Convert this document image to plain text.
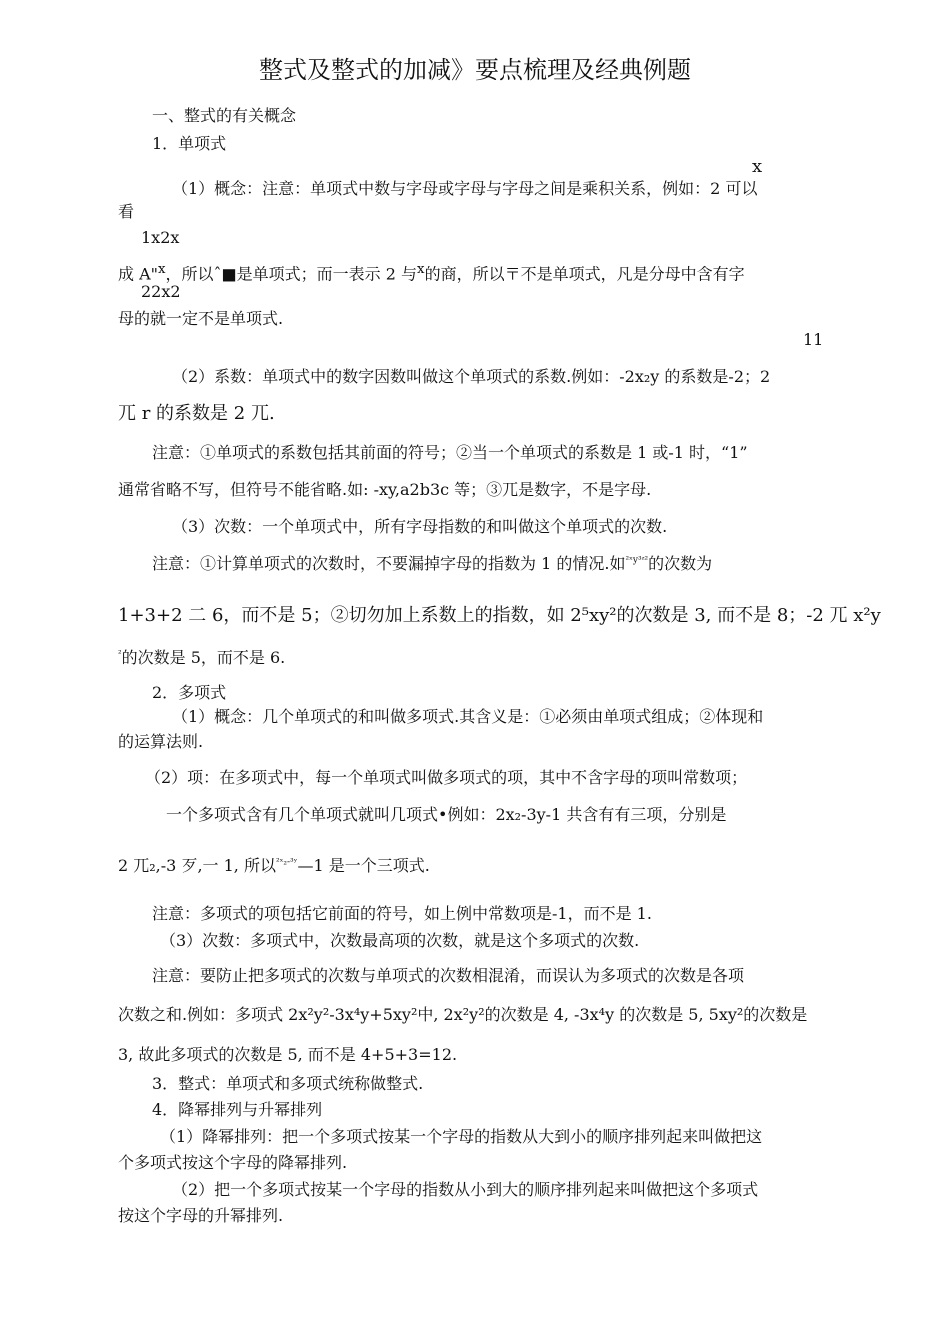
整式及整式的加减》要点梳理及经典例题
一、整式的有关概念
1．单项式
x
（1）概念：注意：单项式中数与字母或字母与字母之间是乘积关系，例如：2 可以
看
1x2x
成 A"$^x$，所以ˆ■是单项式；而一表示 2 与$^x$的商，所以〒不是单项式，凡是分母中含有字
22x2
母的就一定不是单项式.
11
（2）系数：单项式中的数字因数叫做这个单项式的系数.例如：-2x₂y 的系数是-2；2
兀 r 的系数是 2 兀.
注意：①单项式的系数包括其前面的符号；②当一个单项式的系数是 1 或-1 时，“1”
通常省略不写，但符号不能省略.如: -xy,a2b3c 等；③兀是数字，不是字母.
（3）次数：一个单项式中，所有字母指数的和叫做这个单项式的次数.
注意：①计算单项式的次数时，不要漏掉字母的指数为 1 的情况.如$^{^2ˣy^3ᶻ^2}$的次数为
1+3+2 二 6，而不是 5；②切勿加上系数上的指数，如 2⁵xy²的次数是 3, 而不是 8；-2 兀 x²y
$^{^2}$的次数是 5，而不是 6.
2．多项式
（1）概念：几个单项式的和叫做多项式.其含义是：①必须由单项式组成；②体现和
的运算法则.
（2）项：在多项式中，每一个单项式叫做多项式的项，其中不含字母的项叫常数项；
一个多项式含有几个单项式就叫几项式•例如：2x₂-3y-1 共含有有三项，分别是
2 兀₂,-3 歹,一 1, 所以$^{^2ˣ_2-^3ʸ}$—1 是一个三项式.
注意：多项式的项包括它前面的符号，如上例中常数项是-1，而不是 1.
（3）次数：多项式中，次数最高项的次数，就是这个多项式的次数.
注意：要防止把多项式的次数与单项式的次数相混淆，而误认为多项式的次数是各项
次数之和.例如：多项式 2x²y²-3x⁴y+5xy²中, 2x²y²的次数是 4, -3x⁴y 的次数是 5, 5xy²的次数是
3, 故此多项式的次数是 5, 而不是 4+5+3=12.
3．整式：单项式和多项式统称做整式.
4．降幂排列与升幂排列
（1）降幂排列：把一个多项式按某一个字母的指数从大到小的顺序排列起来叫做把这
个多项式按这个字母的降幂排列.
（2）把一个多项式按某一个字母的指数从小到大的顺序排列起来叫做把这个多项式
按这个字母的升幂排列.
